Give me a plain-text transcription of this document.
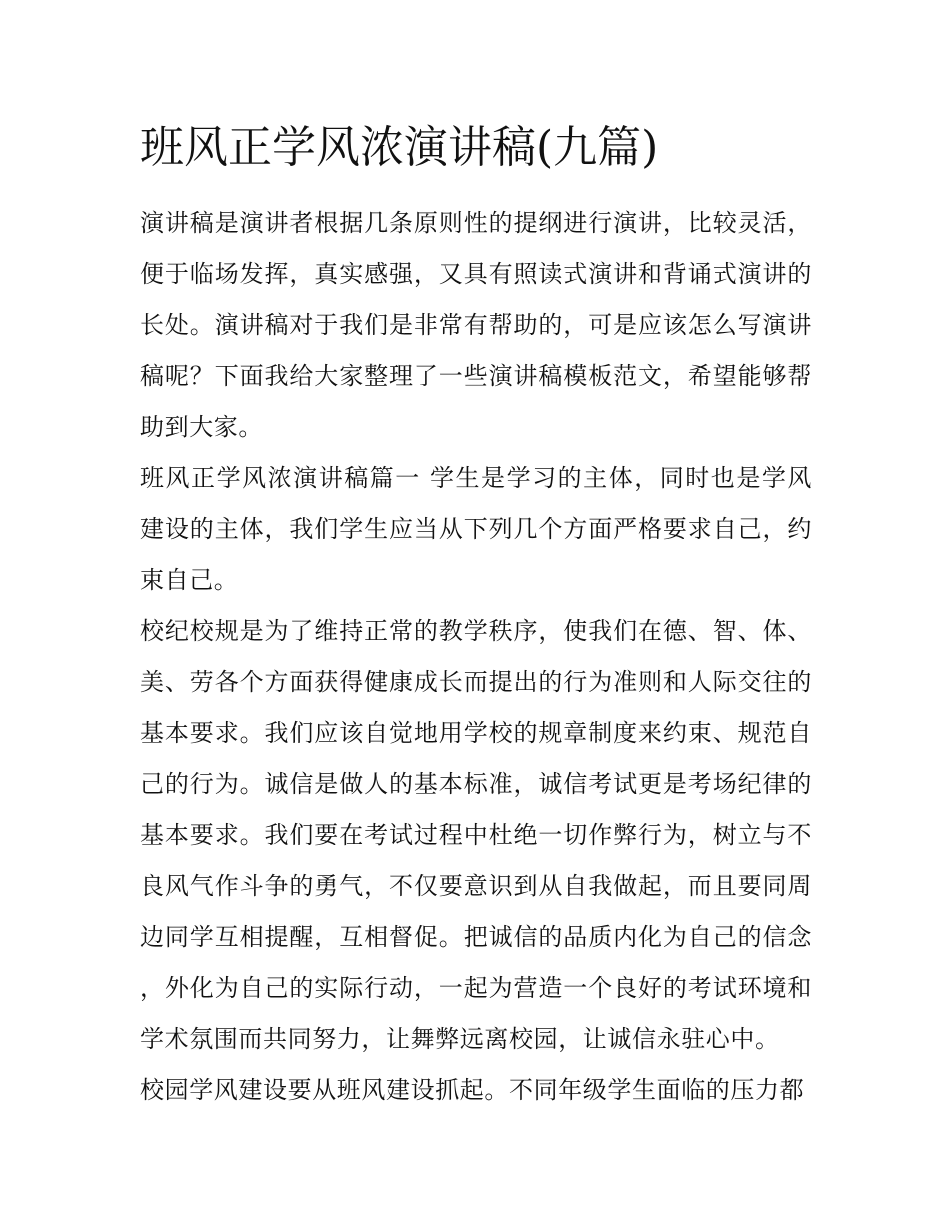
班风正学风浓演讲稿(九篇)

演讲稿是演讲者根据几条原则性的提纲进行演讲，比较灵活，便于临场发挥，真实感强，又具有照读式演讲和背诵式演讲的长处。演讲稿对于我们是非常有帮助的，可是应该怎么写演讲稿呢？下面我给大家整理了一些演讲稿模板范文，希望能够帮助到大家。

班风正学风浓演讲稿篇一 学生是学习的主体，同时也是学风建设的主体，我们学生应当从下列几个方面严格要求自己，约束自己。

校纪校规是为了维持正常的教学秩序，使我们在德、智、体、美、劳各个方面获得健康成长而提出的行为准则和人际交往的基本要求。我们应该自觉地用学校的规章制度来约束、规范自己的行为。诚信是做人的基本标准，诚信考试更是考场纪律的基本要求。我们要在考试过程中杜绝一切作弊行为，树立与不良风气作斗争的勇气，不仅要意识到从自我做起，而且要同周边同学互相提醒，互相督促。把诚信的品质内化为自己的信念，外化为自己的实际行动，一起为营造一个良好的考试环境和学术氛围而共同努力，让舞弊远离校园，让诚信永驻心中。

校园学风建设要从班风建设抓起。不同年级学生面临的压力都
